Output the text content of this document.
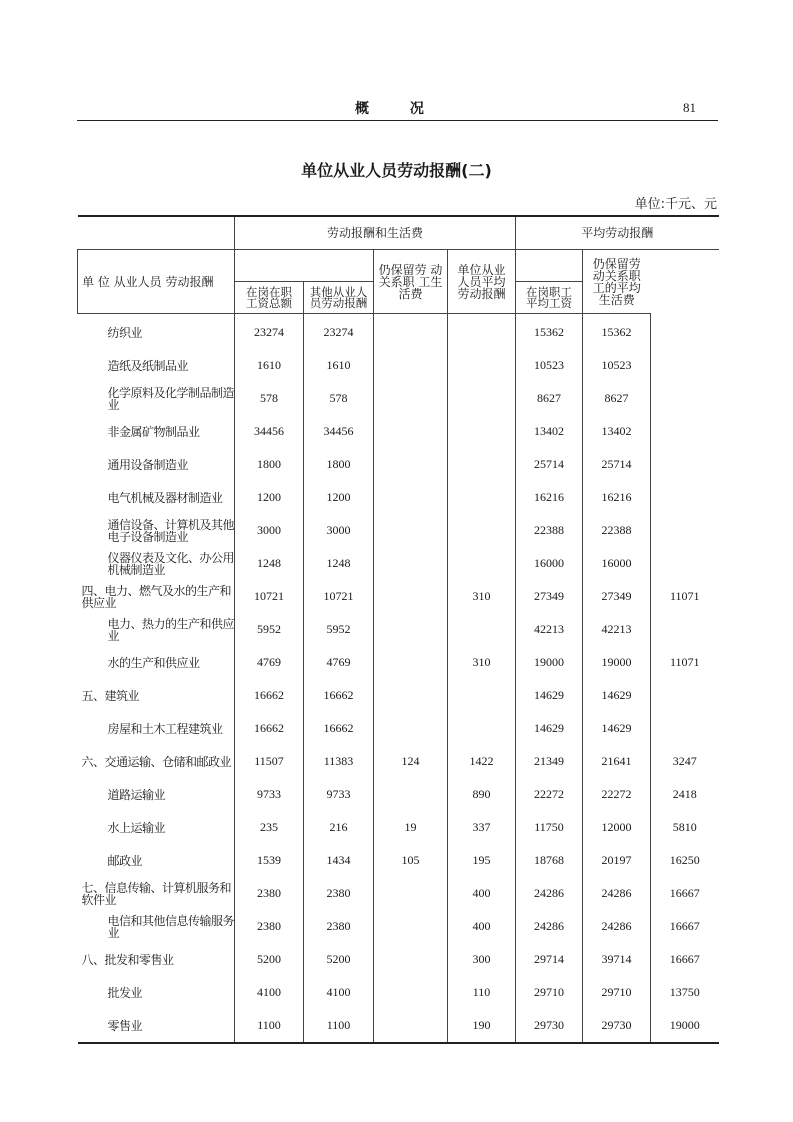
概 况	81
单位从业人员劳动报酬(二)
单位:千元、元
	劳动报酬和生活费				平均劳动报酬		

单 位 从业人员 劳动报酬			仍保留劳 动关系职 工生活费	单位从业 人员平均 劳动报酬		仍保留劳 动关系职 工的平均 生活费	

	在岗在职 工资总额	其他从业人 员劳动报酬			在岗职工 平均工资		

纺织业	23274	23274			15362	15362	
造纸及纸制品业	1610	1610			10523	10523	
化学原料及化学制品制造业	578	578			8627	8627	
非金属矿物制品业	34456	34456			13402	13402	
通用设备制造业	1800	1800			25714	25714	
电气机械及器材制造业	1200	1200			16216	16216	
通信设备、计算机及其他电子设备制造业	3000	3000			22388	22388	
仪器仪表及文化、办公用机械制造业	1248	1248			16000	16000	
四、电力、燃气及水的生产和供应业	10721	10721		310	27349	27349	11071
电力、热力的生产和供应业	5952	5952			42213	42213	
水的生产和供应业	4769	4769		310	19000	19000	11071
五、建筑业	16662	16662			14629	14629	
房屋和土木工程建筑业	16662	16662			14629	14629	
六、交通运输、仓储和邮政业	11507	11383	124	1422	21349	21641	3247
道路运输业	9733	9733		890	22272	22272	2418
水上运输业	235	216	19	337	11750	12000	5810
邮政业	1539	1434	105	195	18768	20197	16250
七、信息传输、计算机服务和软件业	2380	2380		400	24286	24286	16667
电信和其他信息传输服务业	2380	2380		400	24286	24286	16667
八、批发和零售业	5200	5200		300	29714	39714	16667
批发业	4100	4100		110	29710	29710	13750
零售业	1100	1100		190	29730	29730	19000
